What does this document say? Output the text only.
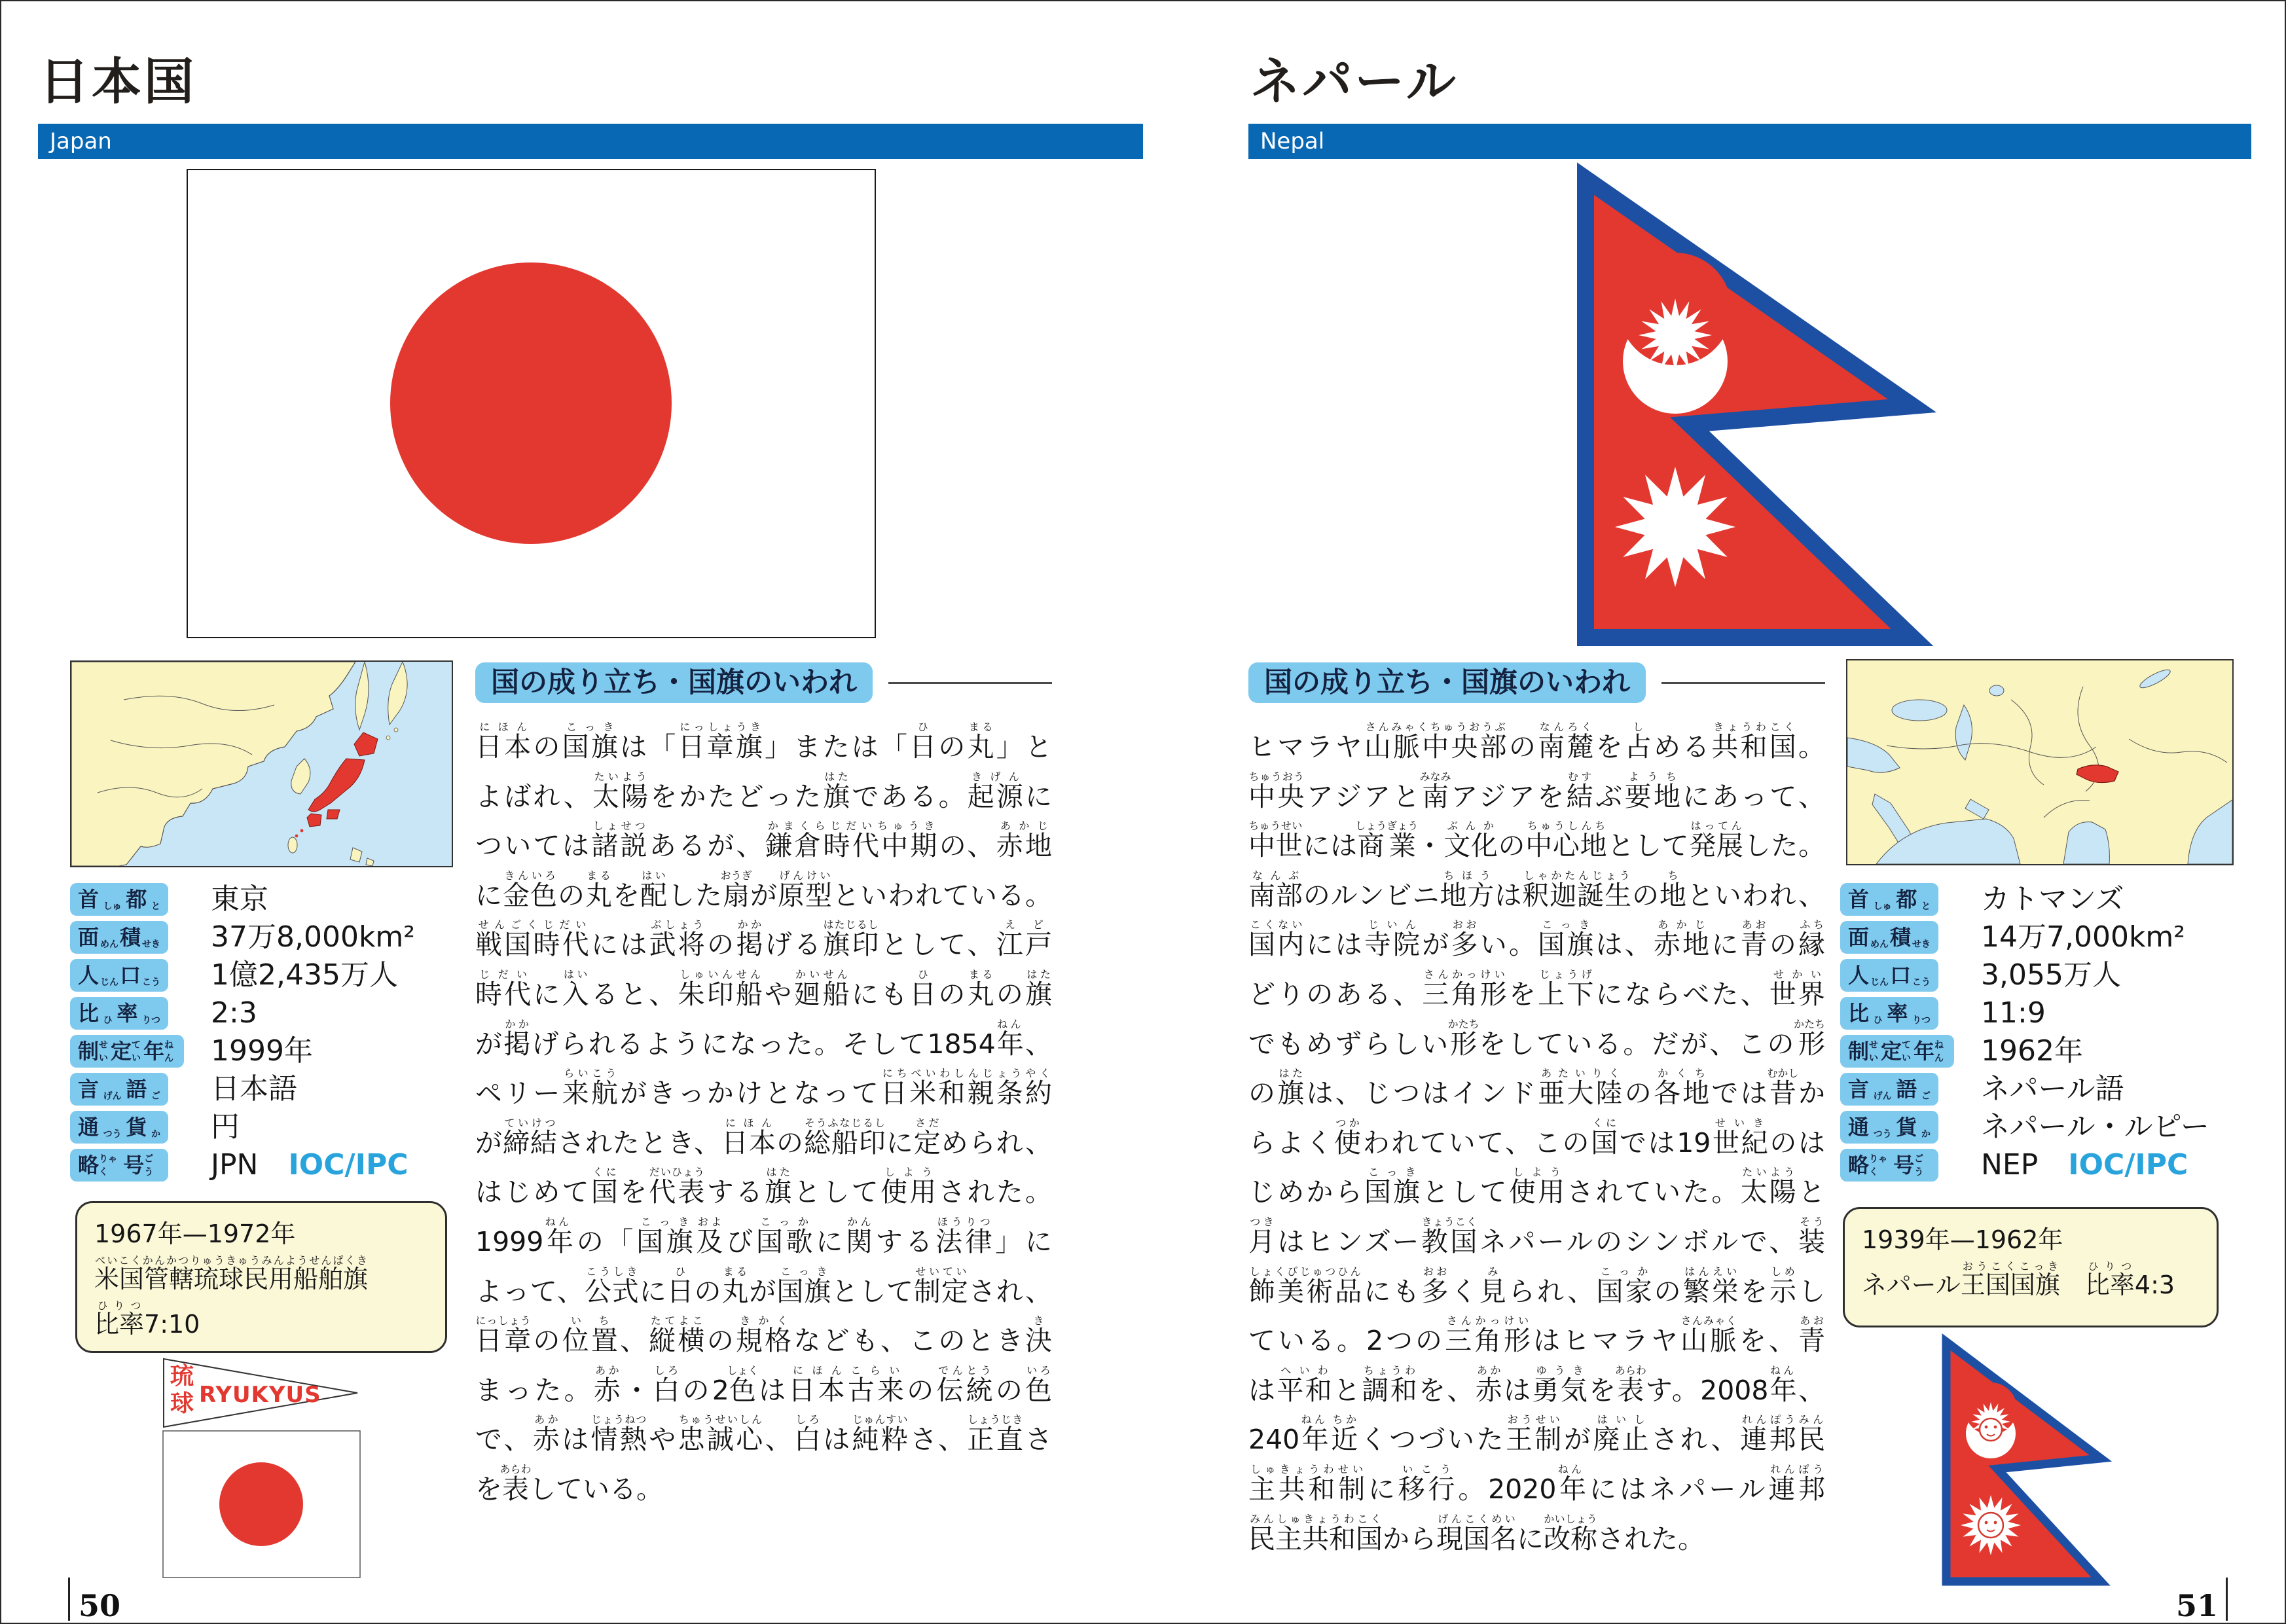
日本国
Japan
首 しゅ 都 と 東京
面 めん 積 せき 37万8,000km²
人 じん 口 こう 1億2,435万人
比 ひ 率 りつ 2:3
制 せい 定 てい 年 ねん 1999年
言 げん 語 ご 日本語
通 つう 貨 か 円
略 りゃく 号 ごう JPN IOC/IPC
1967年—1972年
米国管轄琉球民用船舶旗べいこくかんかつりゅうきゅうみんようせんぱくき
比率ひりつ7:10
琉
球 RYUKYUS
国の成り立ち・国旗のいわれ
日本にほんの国旗こっきは「日章旗にっしょうき」または「日ひの丸まる」と
よばれ、太陽たいようをかたどった旗はたである。起源きげんに
ついては諸説しょせつあるが、鎌倉時代中期かまくらじだいちゅうきの、赤地あかじ
に金色きんいろの丸まるを配はいした扇おうぎが原型げんけいといわれている。
戦国時代せんごくじだいには武将ぶしょうの掲かかげる旗印はたじるしとして、江戸えど
時代じだいに入はいると、朱印船しゅいんせんや廻船かいせんにも日ひの丸まるの旗はた
が掲かかげられるようになった。そして1854年ねん、
ペリー来航らいこうがきっかけとなって日米和親条約にちべいわしんじょうやく
が締結ていけつされたとき、日本にほんの総船印そうふなじるしに定さだめられ、
はじめて国くにを代表だいひょうする旗はたとして使用しようされた。
1999年ねんの「国旗こっき及および国歌こっかに関かんする法律ほうりつ」に
よって、公式こうしきに日ひの丸まるが国旗こっきとして制定せいていされ、
日章にっしょうの位置いち、縦横たてよこの規格きかくなども、このとき決き
まった。赤あか・白しろの2色しょくは日本古来にほんこらいの伝統でんとうの色いろ
で、赤あかは情熱じょうねつや忠誠心ちゅうせいしん、白しろは純粋じゅんすいさ、正直しょうじきさ
を表あらわしている。
50
ネパール
Nepal
国の成り立ち・国旗のいわれ
ヒマラヤ山脈中央部さんみゃくちゅうおうぶの南麓なんろくを占しめる共和国きょうわこく。
中央ちゅうおうアジアと南みなみアジアを結むすぶ要地ようちにあって、
中世ちゅうせいには商業しょうぎょう・文化ぶんかの中心地ちゅうしんちとして発展はってんした。
南部なんぶのルンビニ地方ちほうは釈迦誕生しゃかたんじょうの地ちといわれ、
国内こくないには寺院じいんが多おおい。国旗こっきは、赤地あかじに青あおの縁ふち
どりのある、三角形さんかっけいを上下じょうげにならべた、世界せかい
でもめずらしい形かたちをしている。だが、この形かたち
の旗はたは、じつはインド亜大陸あたいりくの各地かくちでは昔むかしか
らよく使つかわれていて、この国くにでは19世紀せいきのは
じめから国旗こっきとして使用しようされていた。太陽たいようと
月つきはヒンズー教国きょうこくネパールのシンボルで、装そう
飾美術品しょくびじゅつひんにも多おおく見みられ、国家こっかの繁栄はんえいを示しめし
ている。2つの三角形さんかっけいはヒマラヤ山脈さんみゃくを、青あお
は平和へいわと調和ちょうわを、赤あかは勇気ゆうきを表あらわす。2008年ねん、
240年ねん近ちかくつづいた王制おうせいが廃止はいしされ、連邦民れんぽうみん
主共和制しゅきょうわせいに移行いこう。2020年ねんにはネパール連邦れんぽう
民主共和国みんしゅきょうわこくから現国名げんこくめいに改称かいしょうされた。
首 しゅ 都 と カトマンズ
面 めん 積 せき 14万7,000km²
人 じん 口 こう 3,055万人
比 ひ 率 りつ 11:9
制 せい 定 てい 年 ねん 1962年
言 げん 語 ご ネパール語
通 つう 貨 か ネパール・ルピー
略 りゃく 号 ごう NEP IOC/IPC
1939年—1962年
ネパール王国国旗おうこくこっき　比率ひりつ4:3
51
